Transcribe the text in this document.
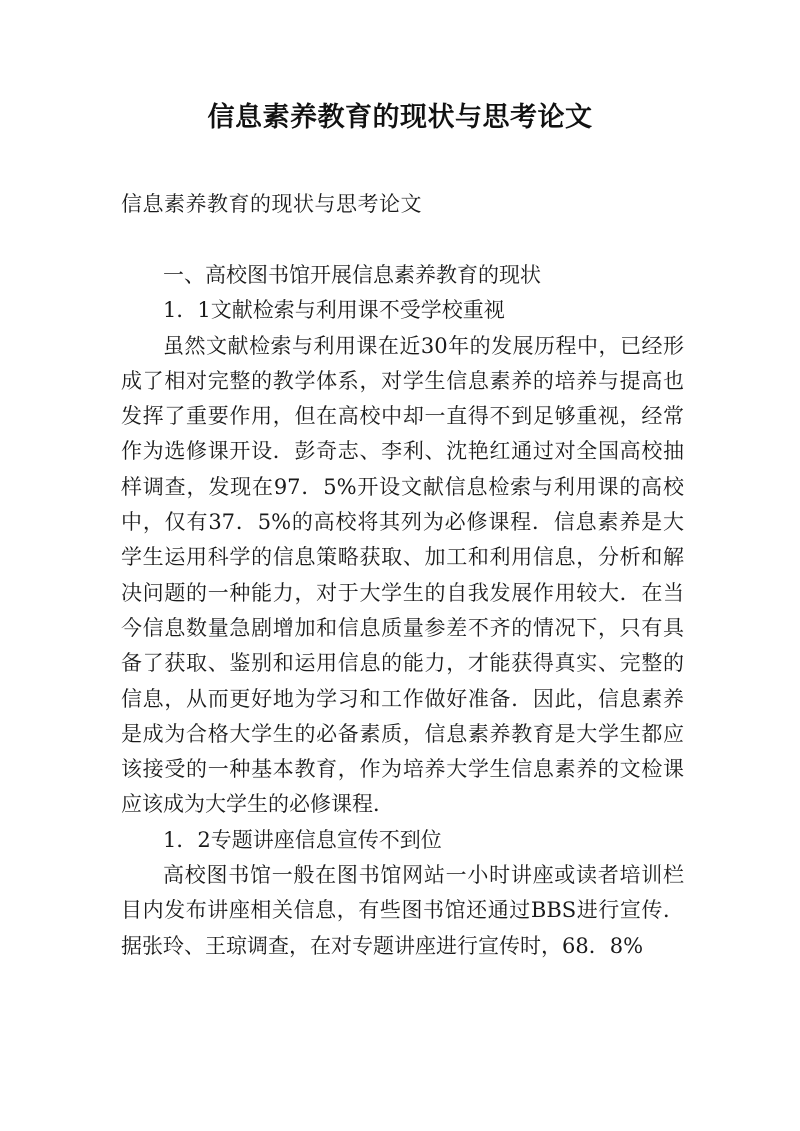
信息素养教育的现状与思考论文
信息素养教育的现状与思考论文

一、高校图书馆开展信息素养教育的现状

1．1文献检索与利用课不受学校重视

虽然文献检索与利用课在近30年的发展历程中，已经形成了相对完整的教学体系，对学生信息素养的培养与提高也发挥了重要作用，但在高校中却一直得不到足够重视，经常作为选修课开设．彭奇志、李利、沈艳红通过对全国高校抽样调查，发现在97．5%开设文献信息检索与利用课的高校中，仅有37．5%的高校将其列为必修课程．信息素养是大学生运用科学的信息策略获取、加工和利用信息，分析和解决问题的一种能力，对于大学生的自我发展作用较大．在当今信息数量急剧增加和信息质量参差不齐的情况下，只有具备了获取、鉴别和运用信息的能力，才能获得真实、完整的信息，从而更好地为学习和工作做好准备．因此，信息素养是成为合格大学生的必备素质，信息素养教育是大学生都应该接受的一种基本教育，作为培养大学生信息素养的文检课应该成为大学生的必修课程．

1．2专题讲座信息宣传不到位

高校图书馆一般在图书馆网站一小时讲座或读者培训栏目内发布讲座相关信息，有些图书馆还通过BBS进行宣传．据张玲、王琼调查，在对专题讲座进行宣传时，68．8%
